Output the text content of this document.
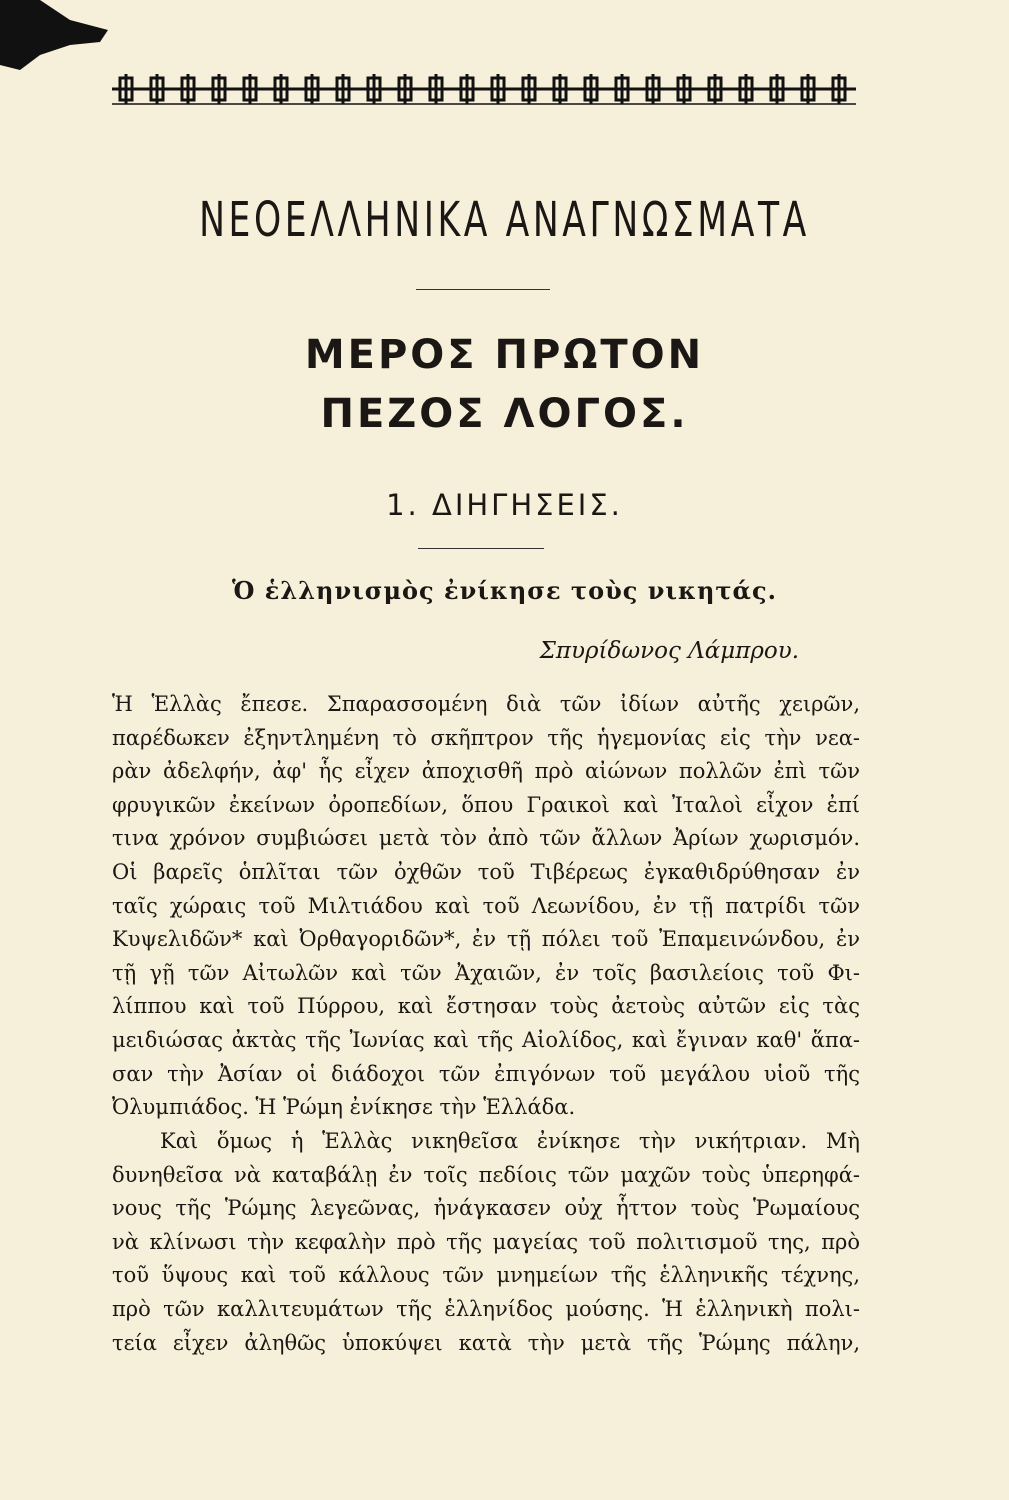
ΝΕΟΕΛΛΗΝΙΚΑ ΑΝΑΓΝΩΣΜΑΤΑ
ΜΕΡΟΣ ΠΡΩΤΟΝ
ΠΕΖΟΣ ΛΟΓΟΣ.
1. ΔΙΗΓΗΣΕΙΣ.
Ὁ ἑλληνισμὸς ἐνίκησε τοὺς νικητάς.
Σπυρίδωνος Λάμπρου.
Ἡ Ἑλλὰς ἔπεσε. Σπαρασσομένη διὰ τῶν ἰδίων αὐτῆς χειρῶν,
παρέδωκεν ἐξηντλημένη τὸ σκῆπτρον τῆς ἡγεμονίας εἰς τὴν νεα-
ρὰν ἀδελφήν, ἀφ' ἧς εἶχεν ἀποχισθῆ πρὸ αἰώνων πολλῶν ἐπὶ τῶν
φρυγικῶν ἐκείνων ὀροπεδίων, ὅπου Γραικοὶ καὶ Ἰταλοὶ εἶχον ἐπί
τινα χρόνον συμβιώσει μετὰ τὸν ἀπὸ τῶν ἄλλων Ἀρίων χωρισμόν.
Οἱ βαρεῖς ὁπλῖται τῶν ὀχθῶν τοῦ Τιβέρεως ἐγκαθιδρύθησαν ἐν
ταῖς χώραις τοῦ Μιλτιάδου καὶ τοῦ Λεωνίδου, ἐν τῇ πατρίδι τῶν
Κυψελιδῶν* καὶ Ὀρθαγοριδῶν*, ἐν τῇ πόλει τοῦ Ἐπαμεινώνδου, ἐν
τῇ γῇ τῶν Αἰτωλῶν καὶ τῶν Ἀχαιῶν, ἐν τοῖς βασιλείοις τοῦ Φι-
λίππου καὶ τοῦ Πύρρου, καὶ ἔστησαν τοὺς ἀετοὺς αὐτῶν εἰς τὰς
μειδιώσας ἀκτὰς τῆς Ἰωνίας καὶ τῆς Αἰολίδος, καὶ ἔγιναν καθ' ἅπα-
σαν τὴν Ἀσίαν οἱ διάδοχοι τῶν ἐπιγόνων τοῦ μεγάλου υἱοῦ τῆς
Ὀλυμπιάδος. Ἡ Ῥώμη ἐνίκησε τὴν Ἑλλάδα.
Καὶ ὅμως ἡ Ἑλλὰς νικηθεῖσα ἐνίκησε τὴν νικήτριαν. Μὴ
δυνηθεῖσα νὰ καταβάλῃ ἐν τοῖς πεδίοις τῶν μαχῶν τοὺς ὑπερηφά-
νους τῆς Ῥώμης λεγεῶνας, ἠνάγκασεν οὐχ ἧττον τοὺς Ῥωμαίους
νὰ κλίνωσι τὴν κεφαλὴν πρὸ τῆς μαγείας τοῦ πολιτισμοῦ της, πρὸ
τοῦ ὕψους καὶ τοῦ κάλλους τῶν μνημείων τῆς ἑλληνικῆς τέχνης,
πρὸ τῶν καλλιτευμάτων τῆς ἑλληνίδος μούσης. Ἡ ἑλληνικὴ πολι-
τεία εἶχεν ἀληθῶς ὑποκύψει κατὰ τὴν μετὰ τῆς Ῥώμης πάλην,
